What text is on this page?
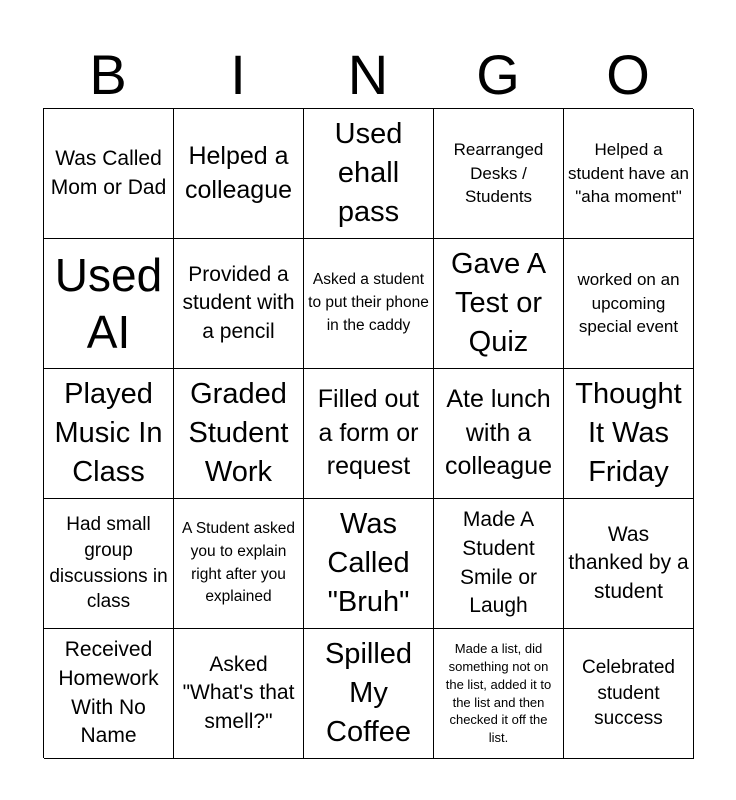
B	I	N	G	O
Was Called Mom or Dad
Helped a colleague
Used ehall pass
Rearranged Desks / Students
Helped a student have an "aha moment"
Used AI
Provided a student with a pencil
Asked a student to put their phone in the caddy
Gave A Test or Quiz
worked on an upcoming special event
Played Music In Class
Graded Student Work
Filled out a form or request
Ate lunch with a colleague
Thought It Was Friday
Had small group discussions in class
A Student asked you to explain right after you explained
Was Called "Bruh"
Made A Student Smile or Laugh
Was thanked by a student
Received Homework With No Name
Asked "What's that smell?"
Spilled My Coffee
Made a list, did something not on the list, added it to the list and then checked it off the list.
Celebrated student success
